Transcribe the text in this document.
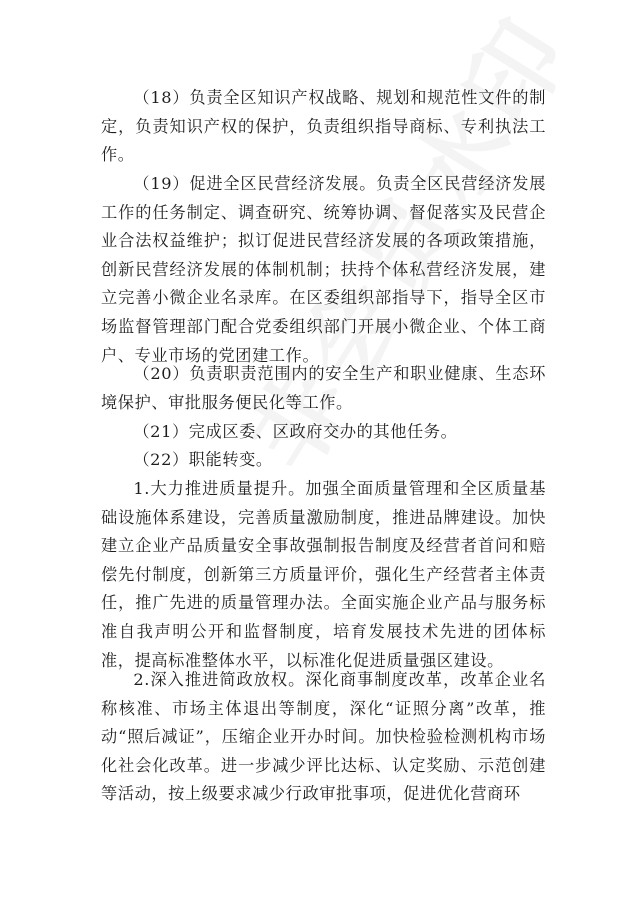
（18）负责全区知识产权战略、规划和规范性文件的制定，负责知识产权的保护，负责组织指导商标、专利执法工作。

（19）促进全区民营经济发展。负责全区民营经济发展工作的任务制定、调查研究、统筹协调、督促落实及民营企业合法权益维护；拟订促进民营经济发展的各项政策措施，创新民营经济发展的体制机制；扶持个体私营经济发展，建立完善小微企业名录库。在区委组织部指导下，指导全区市场监督管理部门配合党委组织部门开展小微企业、个体工商户、专业市场的党团建工作。

（20）负责职责范围内的安全生产和职业健康、生态环境保护、审批服务便民化等工作。

（21）完成区委、区政府交办的其他任务。

（22）职能转变。

1.大力推进质量提升。加强全面质量管理和全区质量基础设施体系建设，完善质量激励制度，推进品牌建设。加快建立企业产品质量安全事故强制报告制度及经营者首问和赔偿先付制度，创新第三方质量评价，强化生产经营者主体责任，推广先进的质量管理办法。全面实施企业产品与服务标准自我声明公开和监督制度，培育发展技术先进的团体标准，提高标准整体水平，以标准化促进质量强区建设。

2.深入推进简政放权。深化商事制度改革，改革企业名称核准、市场主体退出等制度，深化“证照分离”改革，推动“照后减证”，压缩企业开办时间。加快检验检测机构市场化社会化改革。进一步减少评比达标、认定奖励、示范创建等活动，按上级要求减少行政审批事项，促进优化营商环
